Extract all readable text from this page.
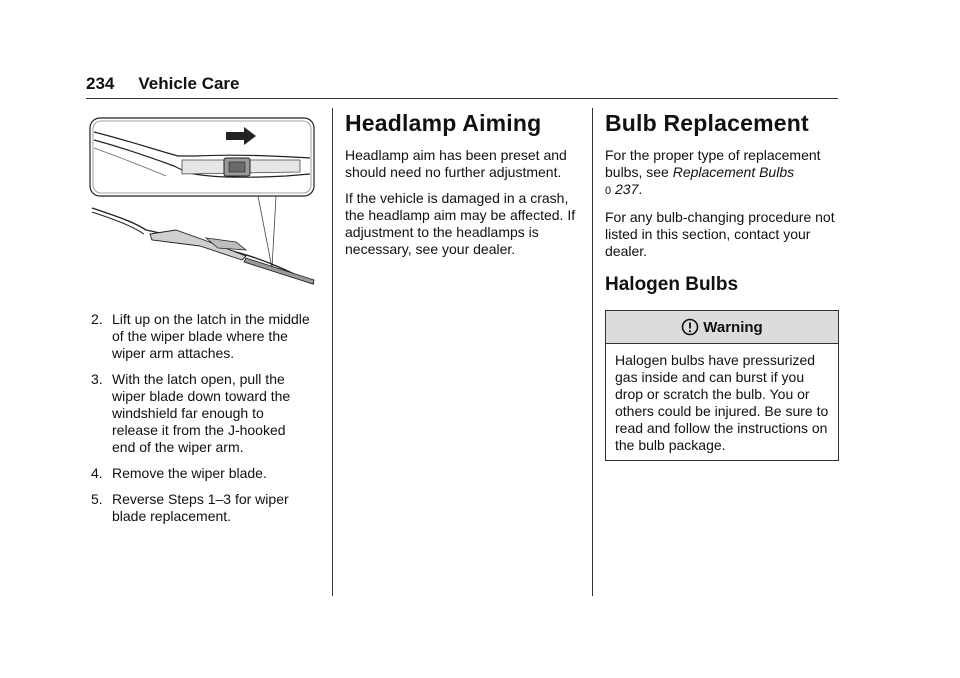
234 Vehicle Care
2. Lift up on the latch in the middle of the wiper blade where the wiper arm attaches.
3. With the latch open, pull the wiper blade down toward the windshield far enough to release it from the J-hooked end of the wiper arm.
4. Remove the wiper blade.
5. Reverse Steps 1–3 for wiper blade replacement.
Headlamp Aiming

Headlamp aim has been preset and should need no further adjustment.

If the vehicle is damaged in a crash, the headlamp aim may be affected. If adjustment to the headlamps is necessary, see your dealer.

Bulb Replacement

For the proper type of replacement bulbs, see Replacement Bulbs
0 237.

For any bulb-changing procedure not listed in this section, contact your dealer.

Halogen Bulbs
Warning
Halogen bulbs have pressurized gas inside and can burst if you drop or scratch the bulb. You or others could be injured. Be sure to read and follow the instructions on the bulb package.
